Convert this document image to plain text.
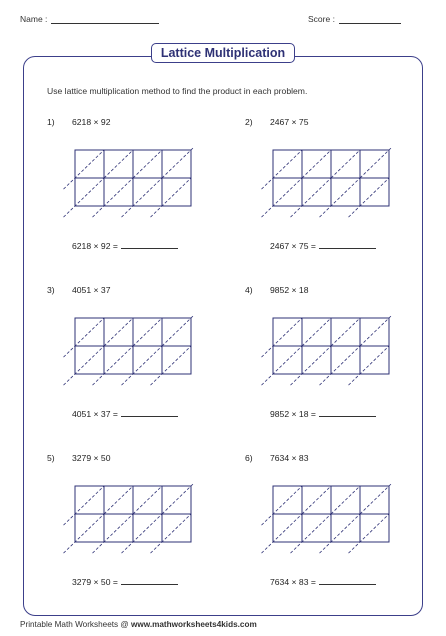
Name :	Score :
Lattice Multiplication
Use lattice multiplication method to find the product in each problem.
1) 6218 × 92
6218 × 92 =
2) 2467 × 75
2467 × 75 =
3) 4051 × 37
4051 × 37 =
4) 9852 × 18
9852 × 18 =
5) 3279 × 50
3279 × 50 =
6) 7634 × 83
7634 × 83 =
Printable Math Worksheets @ www.mathworksheets4kids.com
